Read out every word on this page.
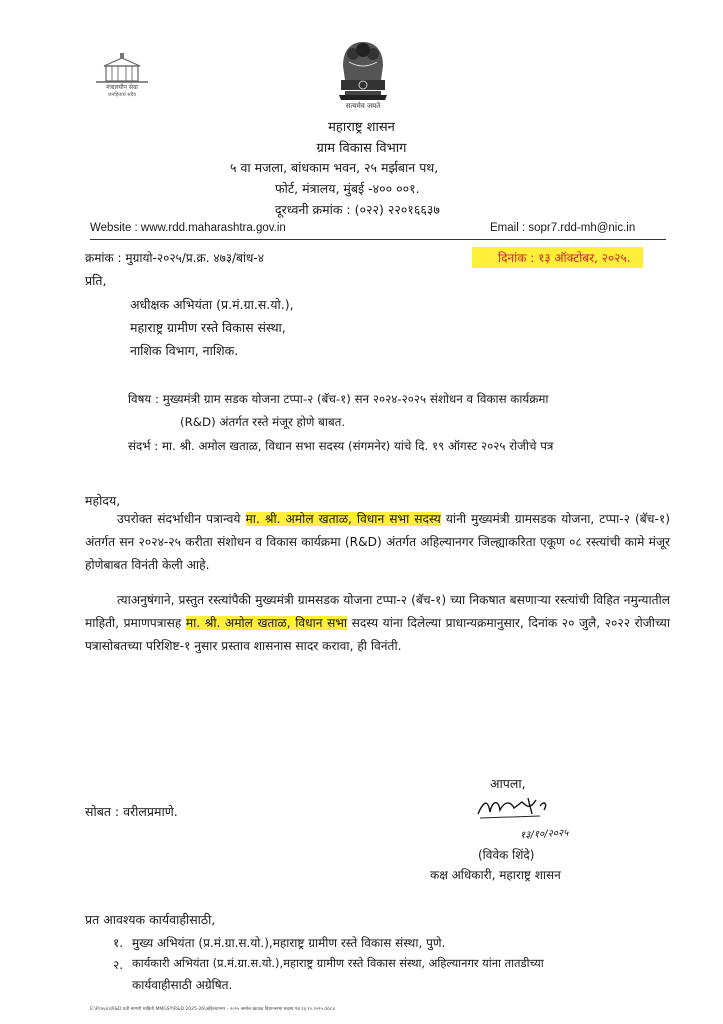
मंत्रालयीन सेवा
जनहितार्थ सदैव
सत्यमेव जयते
महाराष्ट्र शासन
ग्राम विकास विभाग
५ वा मजला, बांधकाम भवन, २५ मर्झबान पथ,
फोर्ट, मंत्रालय, मुंबई -४०० ००१.
दूरध्वनी क्रमांक : (०२२) २२०१६६३७
Website : www.rdd.maharashtra.gov.in	Email : sopr7.rdd-mh@nic.in
क्रमांक : मुग्रायो-२०२५/प्र.क्र. ४७३/बांध-४	दिनांक : १३ ऑक्टोबर, २०२५.
प्रति,
अधीक्षक अभियंता (प्र.मं.ग्रा.स.यो.),
महाराष्ट्र ग्रामीण रस्ते विकास संस्था,
नाशिक विभाग, नाशिक.
विषय : मुख्यमंत्री ग्राम सडक योजना टप्पा-२ (बॅच-१) सन २०२४-२०२५ संशोधन व विकास कार्यक्रमा
(R&D) अंतर्गत रस्ते मंजूर होणे बाबत.
संदर्भ : मा. श्री. अमोल खताळ, विधान सभा सदस्य (संगमनेर) यांचे दि. १९ ऑगस्ट २०२५ रोजीचे पत्र
महोदय,

उपरोक्त संदर्भाधीन पत्रान्वये मा. श्री. अमोल खताळ, विधान सभा सदस्य यांनी मुख्यमंत्री ग्रामसडक योजना, टप्पा-२ (बॅच-१) अंतर्गत सन २०२४-२५ करीता संशोधन व विकास कार्यक्रमा (R&D) अंतर्गत अहिल्यानगर जिल्ह्याकरिता एकूण ०८ रस्त्यांची कामे मंजूर होणेबाबत विनंती केली आहे.

त्याअनुषंगाने, प्रस्तुत रस्त्यांपैकी मुख्यमंत्री ग्रामसडक योजना टप्पा-२ (बॅच-१) च्या निकषात बसणाऱ्या रस्त्यांची विहित नमुन्यातील माहिती, प्रमाणपत्रासह मा. श्री. अमोल खताळ, विधान सभा सदस्य यांना दिलेल्या प्राधान्यक्रमानुसार, दिनांक २० जुलै, २०२२ रोजीच्या पत्रासोबतच्या परिशिष्ट-१ नुसार प्रस्ताव शासनास सादर करावा, ही विनंती.

आपला,
१३/१०/२०२५
(विवेक शिंदे)
कक्ष अधिकारी, महाराष्ट्र शासन
सोबत : वरीलप्रमाणे.
प्रत आवश्यक कार्यवाहीसाठी,
१. मुख्य अभियंता (प्र.मं.ग्रा.स.यो.),महाराष्ट्र ग्रामीण रस्ते विकास संस्था, पुणे.
२. कार्यकारी अभियंता (प्र.मं.ग्रा.स.यो.),महाराष्ट्र ग्रामीण रस्ते विकास संस्था, अहिल्यानगर यांना तातडीच्या
कार्यवाहीसाठी अग्रेषित.
E:\Pravin\R&D प्रती मागणी माहिती MMGSY\R&D 2025-26\अहिल्यानगर - २०२५ अमोल खताळ विधानसभा सदस्य पत्र १३.१०.२०२५.docx
